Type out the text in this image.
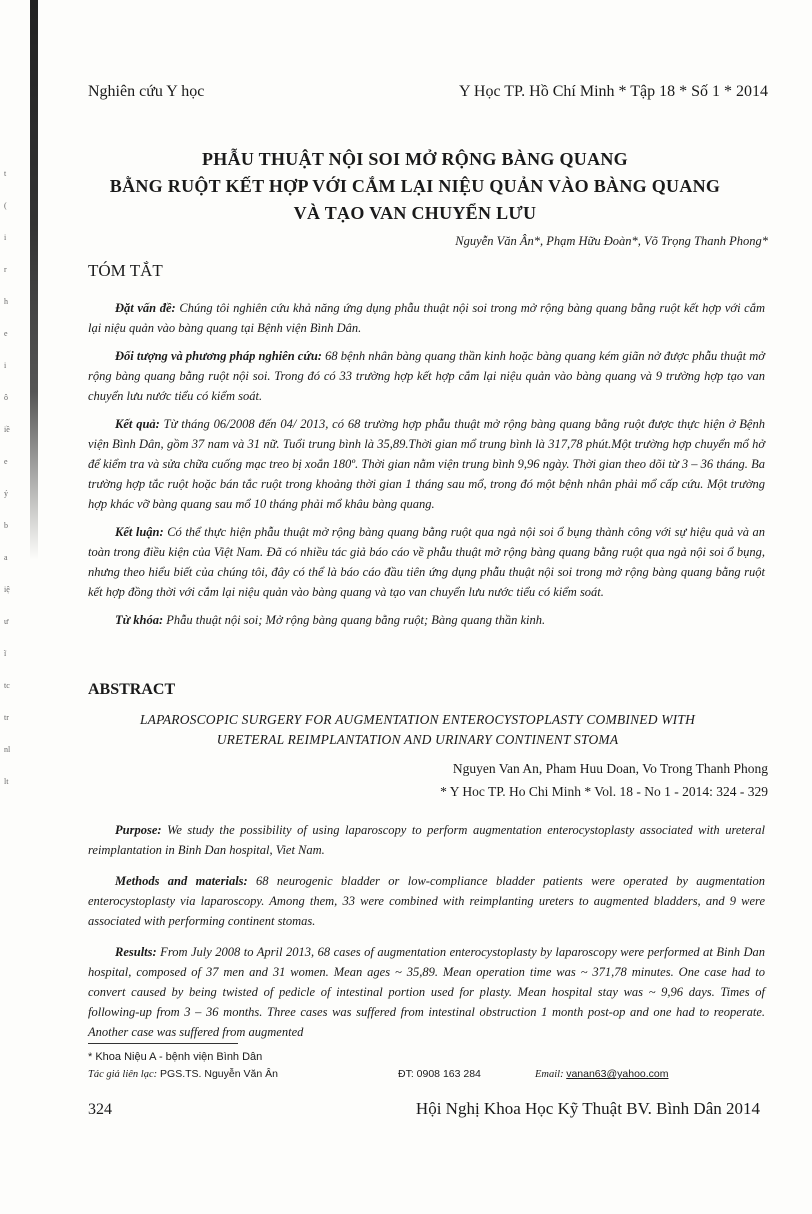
t
(
i
r
h
e
i
ô
iề
e
ý
b
a
iệ
ư
ĩ
tc
tr
nl
lt
Nghiên cứu Y học	Y Học TP. Hồ Chí Minh * Tập 18 * Số 1 * 2014
PHẪU THUẬT NỘI SOI MỞ RỘNG BÀNG QUANG
BẰNG RUỘT KẾT HỢP VỚI CẮM LẠI NIỆU QUẢN VÀO BÀNG QUANG
VÀ TẠO VAN CHUYỂN LƯU
Nguyễn Văn Ân*, Phạm Hữu Đoàn*, Võ Trọng Thanh Phong*
TÓM TẮT

Đặt vấn đề: Chúng tôi nghiên cứu khả năng ứng dụng phẫu thuật nội soi trong mở rộng bàng quang bằng ruột kết hợp với cắm lại niệu quản vào bàng quang tại Bệnh viện Bình Dân.

Đối tượng và phương pháp nghiên cứu: 68 bệnh nhân bàng quang thần kinh hoặc bàng quang kém giãn nở được phẫu thuật mở rộng bàng quang bằng ruột nội soi. Trong đó có 33 trường hợp kết hợp cắm lại niệu quản vào bàng quang và 9 trường hợp tạo van chuyển lưu nước tiểu có kiểm soát.

Kết quả: Từ tháng 06/2008 đến 04/ 2013, có 68 trường hợp phẫu thuật mở rộng bàng quang bằng ruột được thực hiện ở Bệnh viện Bình Dân, gồm 37 nam và 31 nữ. Tuổi trung bình là 35,89.Thời gian mổ trung bình là 317,78 phút.Một trường hợp chuyển mổ hở để kiểm tra và sửa chữa cuống mạc treo bị xoắn 180º. Thời gian nằm viện trung bình 9,96 ngày. Thời gian theo dõi từ 3 – 36 tháng. Ba trường hợp tắc ruột hoặc bán tắc ruột trong khoảng thời gian 1 tháng sau mổ, trong đó một bệnh nhân phải mổ cấp cứu. Một trường hợp khác vỡ bàng quang sau mổ 10 tháng phải mổ khâu bàng quang.

Kết luận: Có thể thực hiện phẫu thuật mở rộng bàng quang bằng ruột qua ngả nội soi ổ bụng thành công với sự hiệu quả và an toàn trong điều kiện của Việt Nam. Đã có nhiều tác giả báo cáo về phẫu thuật mở rộng bàng quang bằng ruột qua ngả nội soi ổ bụng, nhưng theo hiểu biết của chúng tôi, đây có thể là báo cáo đầu tiên ứng dụng phẫu thuật nội soi trong mở rộng bàng quang bằng ruột kết hợp đồng thời với cắm lại niệu quản vào bàng quang và tạo van chuyển lưu nước tiểu có kiểm soát.

Từ khóa: Phẫu thuật nội soi; Mở rộng bàng quang bằng ruột; Bàng quang thần kinh.

ABSTRACT
LAPAROSCOPIC SURGERY FOR AUGMENTATION ENTEROCYSTOPLASTY COMBINED WITH
URETERAL REIMPLANTATION AND URINARY CONTINENT STOMA
Nguyen Van An, Pham Huu Doan, Vo Trong Thanh Phong
* Y Hoc TP. Ho Chi Minh * Vol. 18 - No 1 - 2014: 324 - 329

Purpose: We study the possibility of using laparoscopy to perform augmentation enterocystoplasty associated with ureteral reimplantation in Binh Dan hospital, Viet Nam.

Methods and materials: 68 neurogenic bladder or low-compliance bladder patients were operated by augmentation enterocystoplasty via laparoscopy. Among them, 33 were combined with reimplanting ureters to augmented bladders, and 9 were associated with performing continent stomas.

Results: From July 2008 to April 2013, 68 cases of augmentation enterocystoplasty by laparoscopy were performed at Binh Dan hospital, composed of 37 men and 31 women. Mean ages ~ 35,89. Mean operation time was ~ 371,78 minutes. One case had to convert caused by being twisted of pedicle of intestinal portion used for plasty. Mean hospital stay was ~ 9,96 days. Times of following-up from 3 – 36 months. Three cases was suffered from intestinal obstruction 1 month post-op and one had to reoperate. Another case was suffered from augmented

* Khoa Niệu A - bệnh viện Bình Dân
Tác giả liên lạc: PGS.TS. Nguyễn Văn Ân	ĐT: 0908 163 284	Email: vanan63@yahoo.com
324	Hội Nghị Khoa Học Kỹ Thuật BV. Bình Dân 2014
